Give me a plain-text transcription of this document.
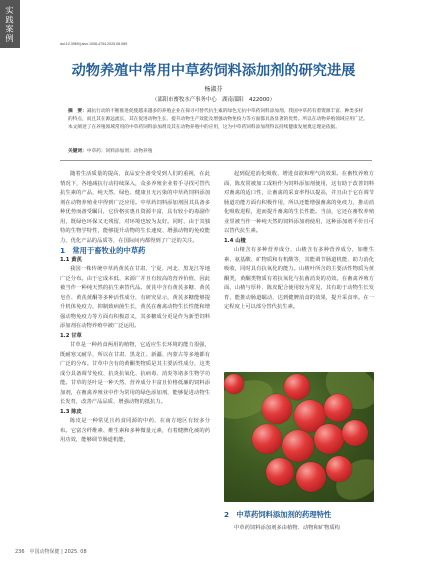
实践案例
doi:10.3969/j.issn.1008-4754.2025.08.089
动物养殖中常用中草药饲料添加剂的研究进展
杨淑芬
（邵阳市畜牧水产事务中心　湖南邵阳　422000）
摘　要：减抗行动的不断推进促使越来越多的养殖企业在探寻可替代抗生素的绿色无抗中草药饲料添加剂。我国中草药有着资源丰富、种类多样的特点，而且其在源远流长，其在促进动物生长、提升动物生产效能及增强动物免疫力等方面都具备显著的优势。所以在动物养殖领域应用广泛。本文阐述了在养殖领域常用的中草药饲料添加剂及其在动物养殖中的应用，这为中草药饲料添加剂得以持续健康发展奠定理论依据。
关键词：中草药；饲料添加剂；动物养殖

随着生活质量的提高，食品安全备受受到人们的重视，在此情况下，各地减抗行动持续深入，众多养殖企业着手寻找可替代抗生素的产品，纯天然、绿色、健康且无污染的中草药饲料添加剂在动物养殖业中得到广泛应用。中草药饲料添加剂因其具备多种优势而备受瞩目，它价格实惠且资源丰富，具有较小的毒副作用，既绿色环保又无残留，对环境也较为友好。同时，由于其独特的生物学特性，能够提升动物的生长速度、增强动物的免疫能力、优化产品的品质等，在国际间内都得到了广泛的关注。

1　常用于畜牧业的中草药

1.1 黄芪

我国一株传统中草药黄芪在甘肃、宁夏、河北、黑龙江等地广泛分布。由于它成本低、来源广并且有较高的营养价值，因此被当作一种纯天然的抗生素替代品。黄芪中含有黄芪多糖、黄芪皂苷、黄芪黄酮等多种活性成分，有研究显示，黄芪多糖能够提升机体免疫力，抑制致病菌生长，黄芪在畜禽动物生长性能和增强动物免疫力等方面有积极意义，其多糖成分更是作为新型饲料添加剂在动物养殖中被广泛运用。

1.2 甘草

甘草是一种药食两用的植物，它适应生长环境的能力很强，既耐寒又耐旱，所以在甘肃、黑龙江、新疆、内蒙古等多地都有广泛的分布。甘草中含有的黄酮类物质是其主要活性成分，这类成分具备调节免疫、抗炎抗氧化、抗病毒、消炎等诸多生物学功能。甘草的茎叶是一种天然、营养成分丰富且价格低廉的饲料添加剂，在畜禽养殖业中作为常用的绿色添加剂，能够促进动物生长发育，改善产品品质、增强动物的抵抗力。

1.3 陈皮

陈皮是一种常见且药食同源的中药，在南方地区有较多分布。它富含纤维素、维生素和多种微量元素，有着健脾化痰的药用功效，能够调节肠道机能，

起到促进消化吸收、增进食欲和理气的效果。在畜牧养殖方面，陈皮常被加工成粉作为饲料添加剂使用，这有助于改善饲料对畜禽的适口性，让畜禽的采食率得以提高，并且由于它在调节肠道功能方面有积极作用，所以还能增强畜禽的免疫力，推动消化吸收进程，进而提升畜禽的生长性能。当前，它还在畜牧养殖业里被当作一种纯天然的饲料添加剂使用，这种添加剂平价且可以替代抗生素。

1.4 山楂

山楂含有多种营养成分，山楂含有多种营养成分，如维生素、氨基酸、矿物质和有机酸等，其能调节肠道机能、助力消化吸收，同时具有抗氧化的能力。山楂叶所含的主要活性物质为黄酮类，黄酮类物质有着抗氧化与抗菌消炎的功效。在畜禽养殖方面，山楂与厚朴、陈皮配合使用较为常见，其有助于动物生长发育，能推动肠道蠕动，达到健脾消食的效果，提升采食率。在一定程度上可以部分替代抗生素。

2　中草药饲料添加剂的药理特性
中草药饲料添加剂多由植物、动物和矿物质构
236　中国动物保健 | 2025. 08
